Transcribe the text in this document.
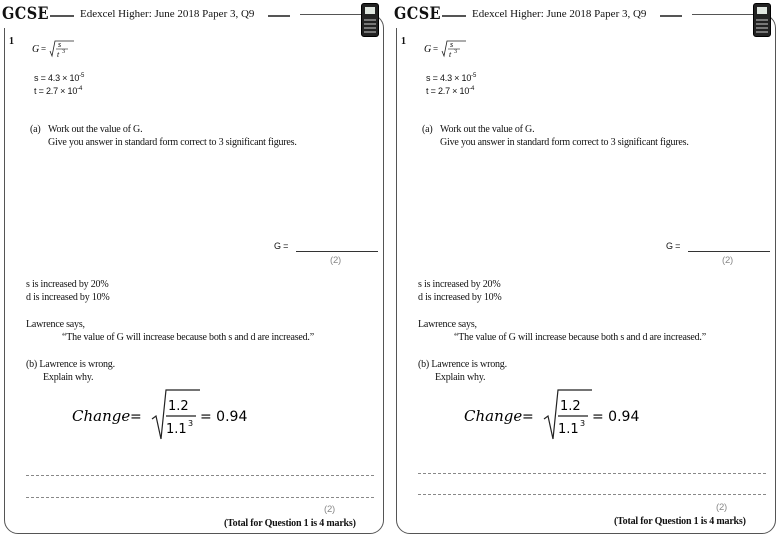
GCSE	Edexcel Higher: June 2018 Paper 3, Q9
1
G = s
t 3
$s = 4.3 \times 10^{-5}$
$t = 2.7 \times 10^{-4}$
(a) Work out the value of G.
Give you answer in standard form correct to 3 significant figures.
G =
(2)
s is increased by 20%
d is increased by 10%
Lawrence says,
“The value of G will increase because both s and d are increased.”
(b) Lawrence is wrong.
Explain why.
Change =
1.2
1.1 3 = 0.94
(2)
(Total for Question 1 is 4 marks)
GCSE	Edexcel Higher: June 2018 Paper 3, Q9
1
G = s
t 3
$s = 4.3 \times 10^{-5}$
$t = 2.7 \times 10^{-4}$
(a) Work out the value of G.
Give you answer in standard form correct to 3 significant figures.
G =
(2)
s is increased by 20%
d is increased by 10%
Lawrence says,
“The value of G will increase because both s and d are increased.”
(b) Lawrence is wrong.
Explain why.
Change =
1.2
1.1 3 = 0.94
(2)
(Total for Question 1 is 4 marks)
